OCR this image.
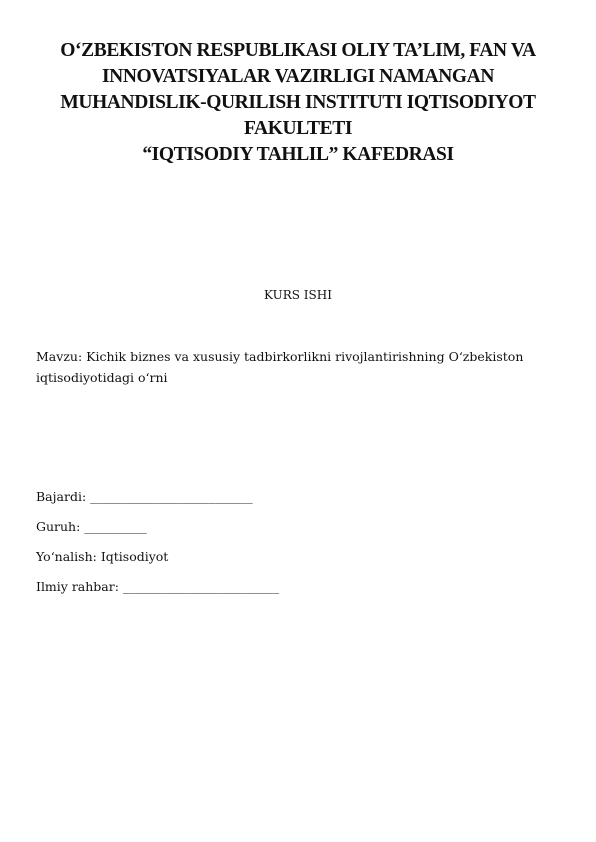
O‘ZBEKISTON RESPUBLIKASI OLIY TA’LIM, FAN VA
INNOVATSIYALAR VAZIRLIGI NAMANGAN
MUHANDISLIK-QURILISH INSTITUTI IQTISODIYOT
FAKULTETI
“IQTISODIY TAHLIL” KAFEDRASI
KURS ISHI
Mavzu: Kichik biznes va xususiy tadbirkorlikni rivojlantirishning O‘zbekiston iqtisodiyotidagi o‘rni
Bajardi: __________________________
Guruh: __________
Yo‘nalish: Iqtisodiyot
Ilmiy rahbar: _________________________
